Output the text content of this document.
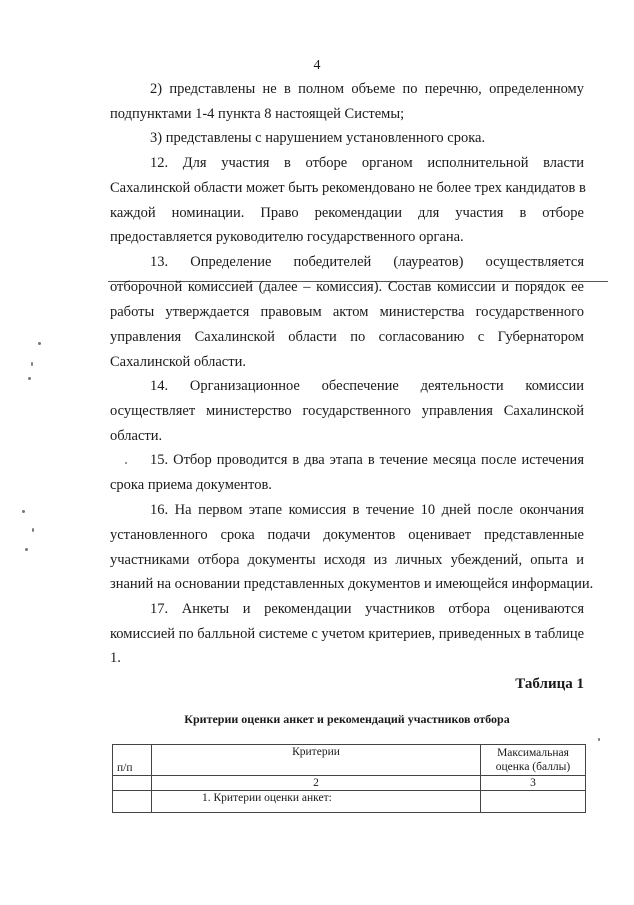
4
2) представлены не в полном объеме по перечню, определенному
подпунктами 1-4 пункта 8 настоящей Системы;
3) представлены с нарушением установленного срока.
12. Для участия в отборе органом исполнительной власти
Сахалинской области может быть рекомендовано не более трех кандидатов в
каждой номинации. Право рекомендации для участия в отборе
предоставляется руководителю государственного органа.
13. Определение победителей (лауреатов) осуществляется
отборочной комиссией (далее – комиссия). Состав комиссии и порядок ее
работы утверждается правовым актом министерства государственного
управления Сахалинской области по согласованию с Губернатором
Сахалинской области.
14. Организационное обеспечение деятельности комиссии
осуществляет министерство государственного управления Сахалинской
области.
15. Отбор проводится в два этапа в течение месяца после истечения
срока приема документов.
16. На первом этапе комиссия в течение 10 дней после окончания
установленного срока подачи документов оценивает представленные
участниками отбора документы исходя из личных убеждений, опыта и
знаний на основании представленных документов и имеющейся информации.
17. Анкеты и рекомендации участников отбора оцениваются
комиссией по балльной системе с учетом критериев, приведенных в таблице
1.
Таблица 1
Критерии оценки анкет и рекомендаций участников отбора
п/п	Критерии	Максимальная оценка (баллы)
	2	3
	1. Критерии оценки анкет:	
